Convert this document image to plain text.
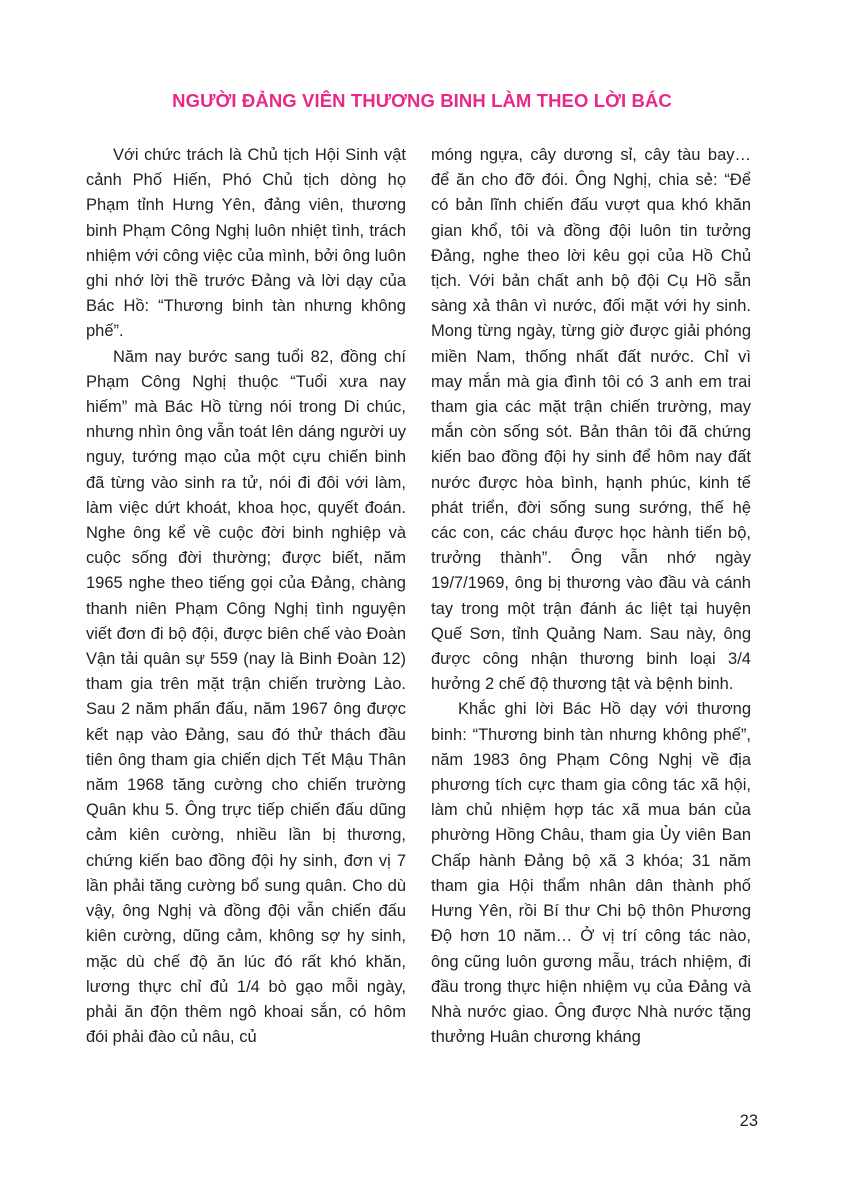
NGƯỜI ĐẢNG VIÊN THƯƠNG BINH LÀM THEO LỜI BÁC

Với chức trách là Chủ tịch Hội Sinh vật cảnh Phố Hiến, Phó Chủ tịch dòng họ Phạm tỉnh Hưng Yên, đảng viên, thương binh Phạm Công Nghị luôn nhiệt tình, trách nhiệm với công việc của mình, bởi ông luôn ghi nhớ lời thề trước Đảng và lời dạy của Bác Hồ: “Thương binh tàn nhưng không phế”.

Năm nay bước sang tuổi 82, đồng chí Phạm Công Nghị thuộc “Tuổi xưa nay hiếm” mà Bác Hồ từng nói trong Di chúc, nhưng nhìn ông vẫn toát lên dáng người uy nguy, tướng mạo của một cựu chiến binh đã từng vào sinh ra tử, nói đi đôi với làm, làm việc dứt khoát, khoa học, quyết đoán. Nghe ông kể về cuộc đời binh nghiệp và cuộc sống đời thường; được biết, năm 1965 nghe theo tiếng gọi của Đảng, chàng thanh niên Phạm Công Nghị tình nguyện viết đơn đi bộ đội, được biên chế vào Đoàn Vận tải quân sự 559 (nay là Binh Đoàn 12) tham gia trên mặt trận chiến trường Lào. Sau 2 năm phấn đấu, năm 1967 ông được kết nạp vào Đảng, sau đó thử thách đầu tiên ông tham gia chiến dịch Tết Mậu Thân năm 1968 tăng cường cho chiến trường Quân khu 5. Ông trực tiếp chiến đấu dũng cảm kiên cường, nhiều lần bị thương, chứng kiến bao đồng đội hy sinh, đơn vị 7 lần phải tăng cường bổ sung quân. Cho dù vậy, ông Nghị và đồng đội vẫn chiến đấu kiên cường, dũng cảm, không sợ hy sinh, mặc dù chế độ ăn lúc đó rất khó khăn, lương thực chỉ đủ 1/4 bò gạo mỗi ngày, phải ăn độn thêm ngô khoai sắn, có hôm đói phải đào củ nâu, củ

móng ngựa, cây dương sỉ, cây tàu bay… để ăn cho đỡ đói. Ông Nghị, chia sẻ: “Để có bản lĩnh chiến đấu vượt qua khó khăn gian khổ, tôi và đồng đội luôn tin tưởng Đảng, nghe theo lời kêu gọi của Hồ Chủ tịch. Với bản chất anh bộ đội Cụ Hồ sẵn sàng xả thân vì nước, đối mặt với hy sinh. Mong từng ngày, từng giờ được giải phóng miền Nam, thống nhất đất nước. Chỉ vì may mắn mà gia đình tôi có 3 anh em trai tham gia các mặt trận chiến trường, may mắn còn sống sót. Bản thân tôi đã chứng kiến bao đồng đội hy sinh để hôm nay đất nước được hòa bình, hạnh phúc, kinh tế phát triển, đời sống sung sướng, thế hệ các con, các cháu được học hành tiến bộ, trưởng thành”. Ông vẫn nhớ ngày 19/7/1969, ông bị thương vào đầu và cánh tay trong một trận đánh ác liệt tại huyện Quế Sơn, tỉnh Quảng Nam. Sau này, ông được công nhận thương binh loại 3/4 hưởng 2 chế độ thương tật và bệnh binh.

Khắc ghi lời Bác Hồ dạy với thương binh: “Thương binh tàn nhưng không phế”, năm 1983 ông Phạm Công Nghị về địa phương tích cực tham gia công tác xã hội, làm chủ nhiệm hợp tác xã mua bán của phường Hồng Châu, tham gia Ủy viên Ban Chấp hành Đảng bộ xã 3 khóa; 31 năm tham gia Hội thẩm nhân dân thành phố Hưng Yên, rồi Bí thư Chi bộ thôn Phương Độ hơn 10 năm… Ở vị trí công tác nào, ông cũng luôn gương mẫu, trách nhiệm, đi đầu trong thực hiện nhiệm vụ của Đảng và Nhà nước giao. Ông được Nhà nước tặng thưởng Huân chương kháng

23
